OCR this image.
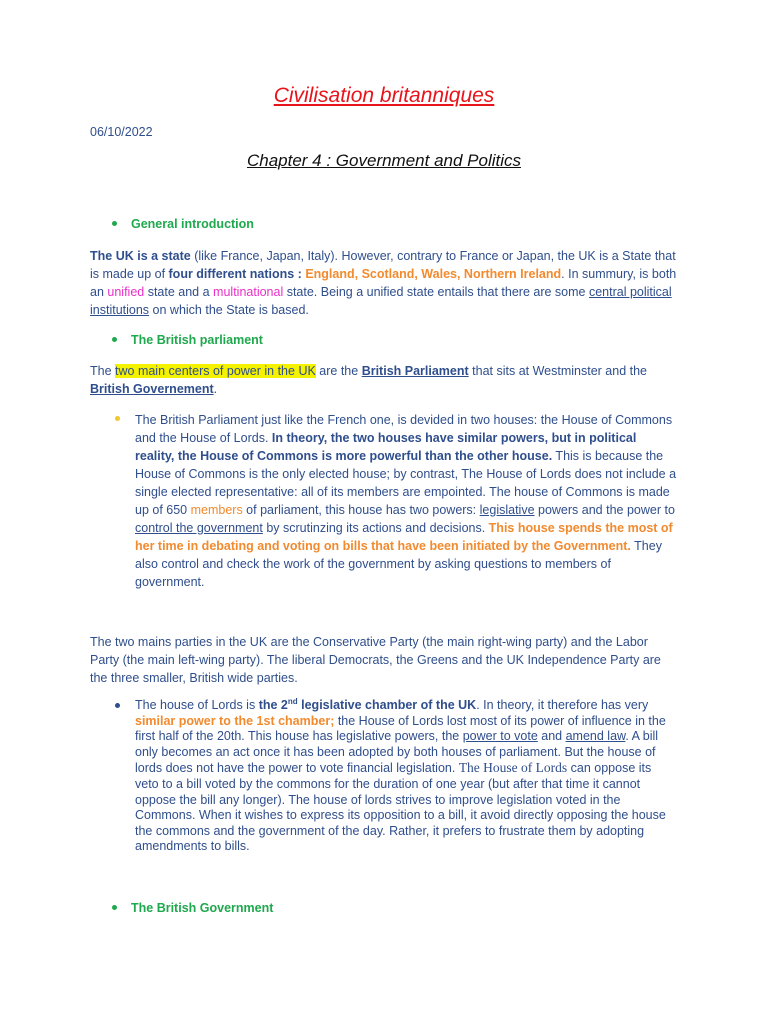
Civilisation britanniques
06/10/2022
Chapter 4 : Government and Politics
General introduction
The UK is a state (like France, Japan, Italy). However, contrary to France or Japan, the UK is a State that is made up of four different nations : England, Scotland, Wales, Northern Ireland. In summury, is both an unified state and a multinational state. Being a unified state entails that there are some central political institutions on which the State is based.
The British parliament
The two main centers of power in the UK are the British Parliament that sits at Westminster and the British Governement.
The British Parliament just like the French one, is devided in two houses: the House of Commons and the House of Lords. In theory, the two houses have similar powers, but in political reality, the House of Commons is more powerful than the other house. This is because the House of Commons is the only elected house; by contrast, The House of Lords does not include a single elected representative: all of its members are empointed. The house of Commons is made up of 650 members of parliament, this house has two powers: legislative powers and the power to control the government by scrutinzing its actions and decisions. This house spends the most of her time in debating and voting on bills that have been initiated by the Government. They also control and check the work of the government by asking questions to members of government.
The two mains parties in the UK are the Conservative Party (the main right-wing party) and the Labor Party (the main left-wing party). The liberal Democrats, the Greens and the UK Independence Party are the three smaller, British wide parties.
The house of Lords is the 2nd legislative chamber of the UK. In theory, it therefore has very similar power to the 1st chamber; the House of Lords lost most of its power of influence in the first half of the 20th. This house has legislative powers, the power to vote and amend law. A bill only becomes an act once it has been adopted by both houses of parliament. But the house of lords does not have the power to vote financial legislation. The House of Lords can oppose its veto to a bill voted by the commons for the duration of one year (but after that time it cannot oppose the bill any longer). The house of lords strives to improve legislation voted in the Commons. When it wishes to express its opposition to a bill, it avoid directly opposing the house the commons and the government of the day. Rather, it prefers to frustrate them by adopting amendments to bills.
The British Government
